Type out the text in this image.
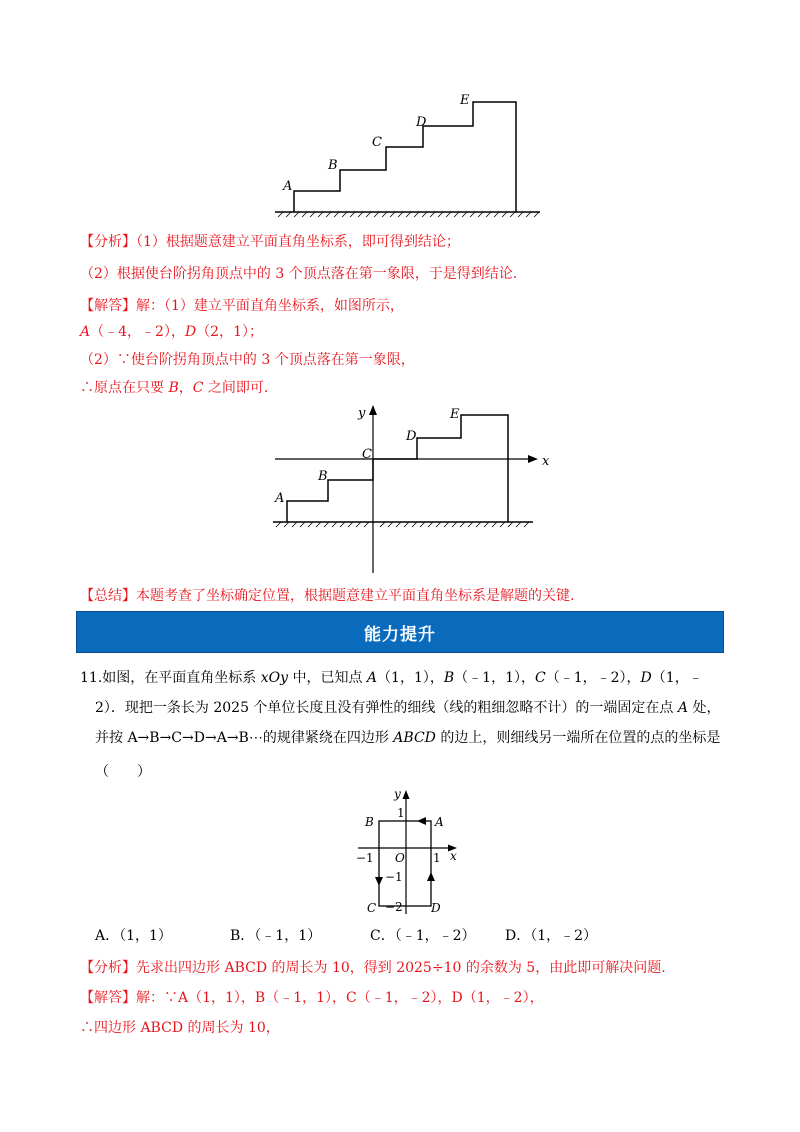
A
B
C
D
E
【分析】（1）根据题意建立平面直角坐标系，即可得到结论；
（2）根据使台阶拐角顶点中的 3 个顶点落在第一象限，于是得到结论.
【解答】解：（1）建立平面直角坐标系，如图所示，
A（﹣4，﹣2），D（2，1）；
（2）∵使台阶拐角顶点中的 3 个顶点落在第一象限，
∴原点在只要 B，C 之间即可.
y
x
A
B
C
D
E
【总结】本题考查了坐标确定位置，根据题意建立平面直角坐标系是解题的关键.
能力提升
11.如图，在平面直角坐标系 xOy 中，已知点 A（1，1），B（﹣1，1），C（﹣1，﹣2），D（1，﹣
2）．现把一条长为 2025 个单位长度且没有弹性的细线（线的粗细忽略不计）的一端固定在点 A 处，
并按 A→B→C→D→A→B⋯的规律紧绕在四边形 ABCD 的边上，则细线另一端所在位置的点的坐标是
（　　）
y
x
B
1
A
−1 O 1
−1
C −2 D
A．（1，1）	B．（﹣1，1）	C．（﹣1，﹣2） D．（1，﹣2）
【分析】先求出四边形 ABCD 的周长为 10，得到 2025÷10 的余数为 5，由此即可解决问题.
【解答】解：∵A（1，1），B（﹣1，1），C（﹣1，﹣2），D（1，﹣2），
∴四边形 ABCD 的周长为 10，
